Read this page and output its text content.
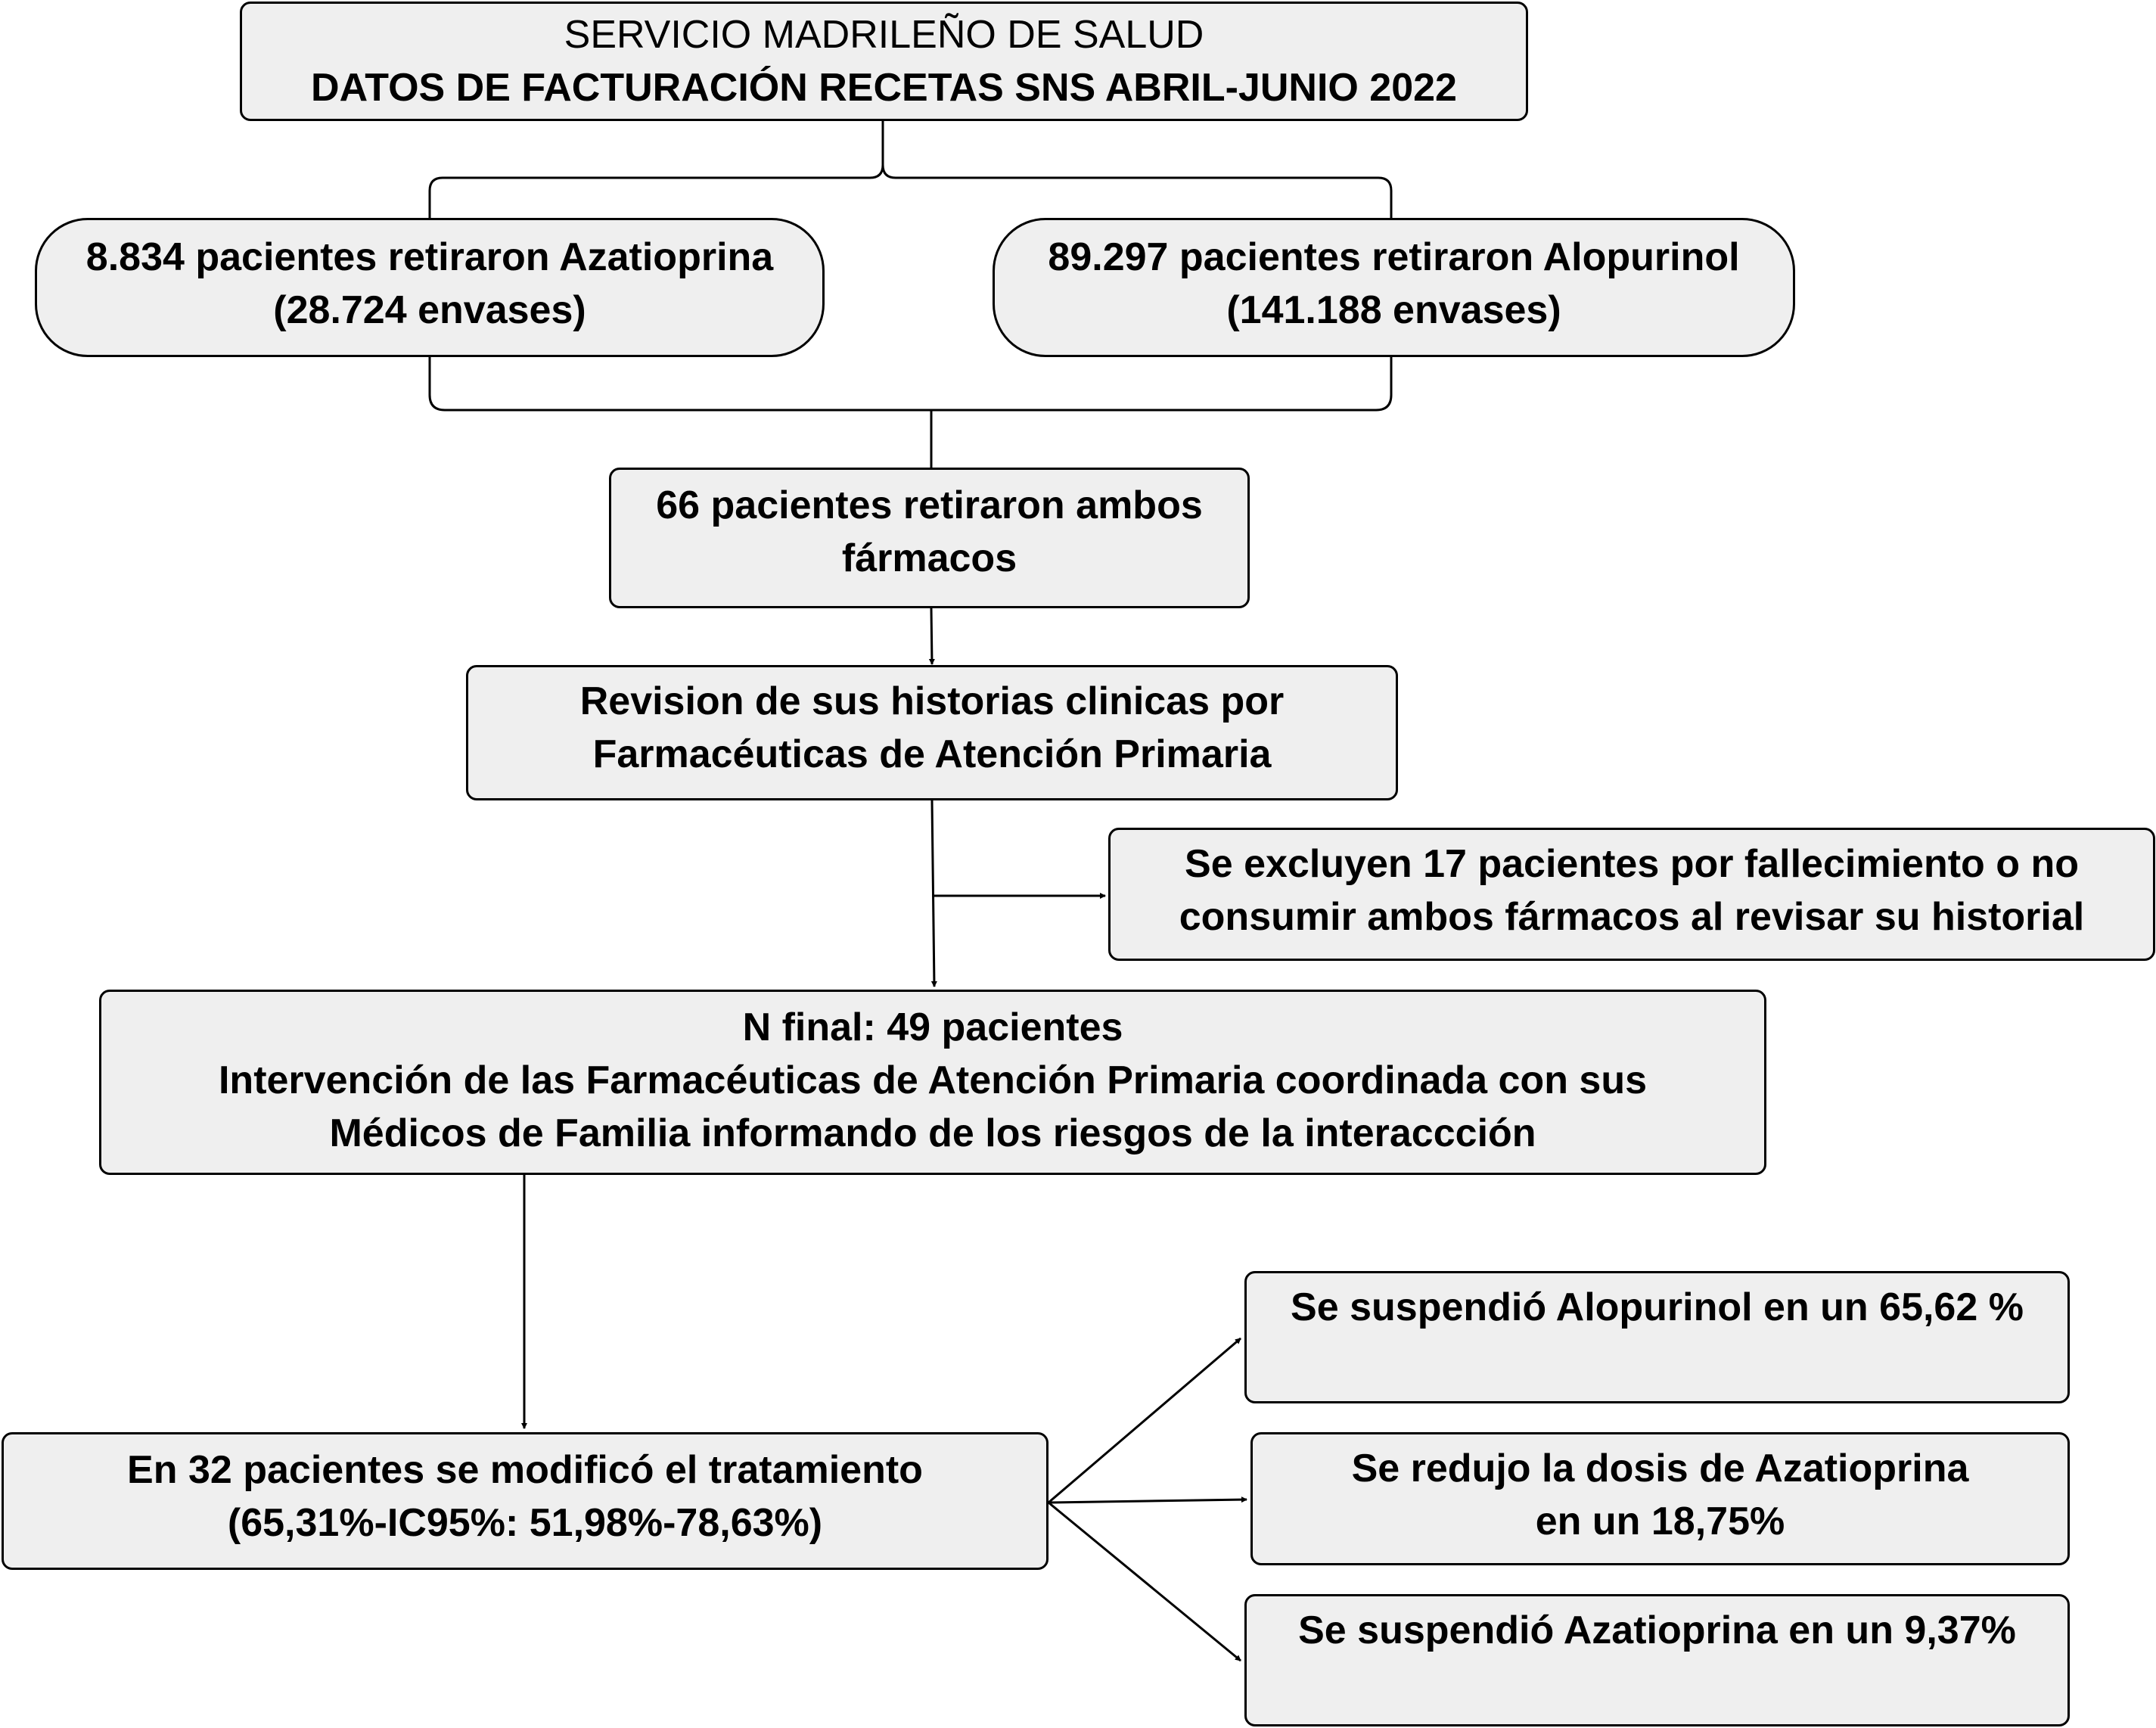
SERVICIO MADRILEÑO DE SALUD
DATOS DE FACTURACIÓN RECETAS SNS ABRIL-JUNIO 2022
8.834 pacientes retiraron Azatioprina
(28.724 envases)
89.297 pacientes retiraron Alopurinol
(141.188 envases)
66 pacientes retiraron ambos
fármacos
Revision de sus historias clinicas por
Farmacéuticas de Atención Primaria
Se excluyen 17 pacientes por fallecimiento o no
consumir ambos fármacos al revisar su historial
N final: 49 pacientes
Intervención de las Farmacéuticas de Atención Primaria coordinada con sus
Médicos de Familia informando de los riesgos de la interaccción
En 32 pacientes se modificó el tratamiento
(65,31%-IC95%: 51,98%-78,63%)
Se suspendió Alopurinol en un 65,62 %
Se redujo la dosis de Azatioprina
en un 18,75%
Se suspendió Azatioprina en un 9,37%
